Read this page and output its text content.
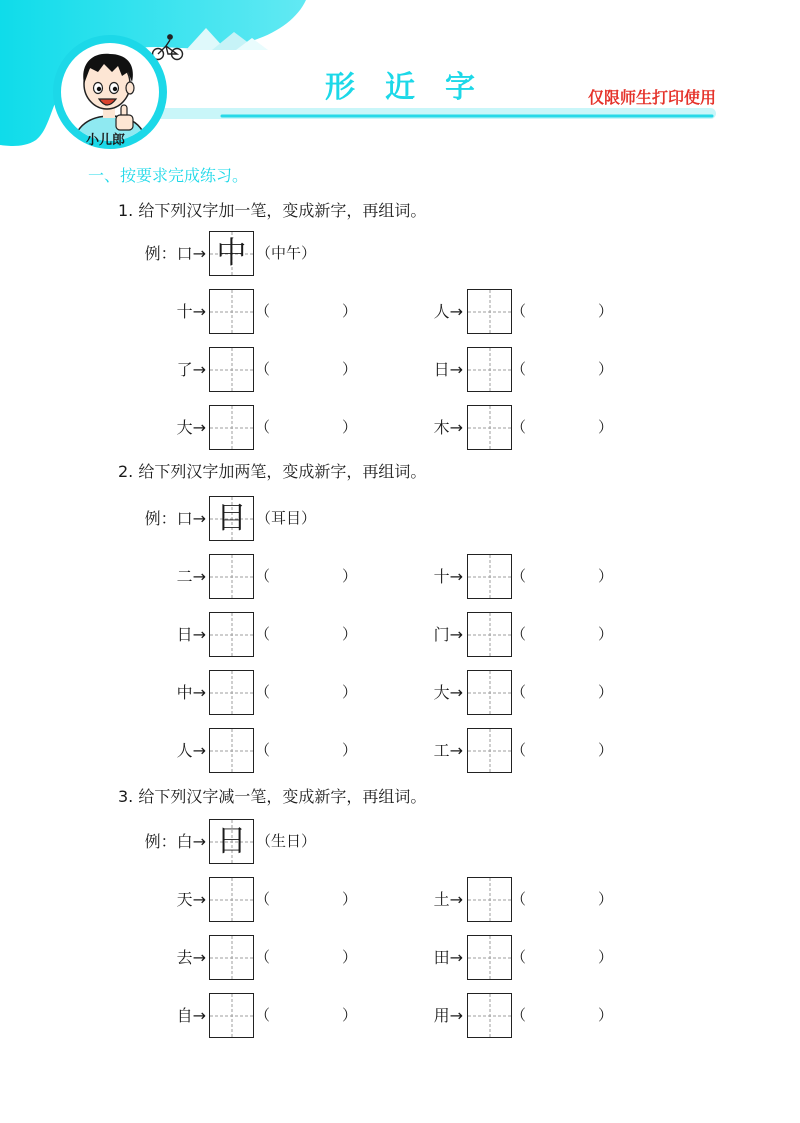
形近字	仅限师生打印使用
小儿郎
一、按要求完成练习。
1. 给下列汉字加一笔，变成新字，再组词。
例：口→ 中 （中午）
十→	（	）	人→	（	）
了→	（	）	日→	（	）
大→	（	）	木→	（	）
2. 给下列汉字加两笔，变成新字，再组词。
例：口→ 目 （耳目）
二→	（	）	十→	（	）
日→	（	）	门→	（	）
中→	（	）	大→	（	）
人→	（	）	工→	（	）
3. 给下列汉字减一笔，变成新字，再组词。
例：白→ 日 （生日）
天→	（	）	土→	（	）
去→	（	）	田→	（	）
自→	（	）	用→	（	）
